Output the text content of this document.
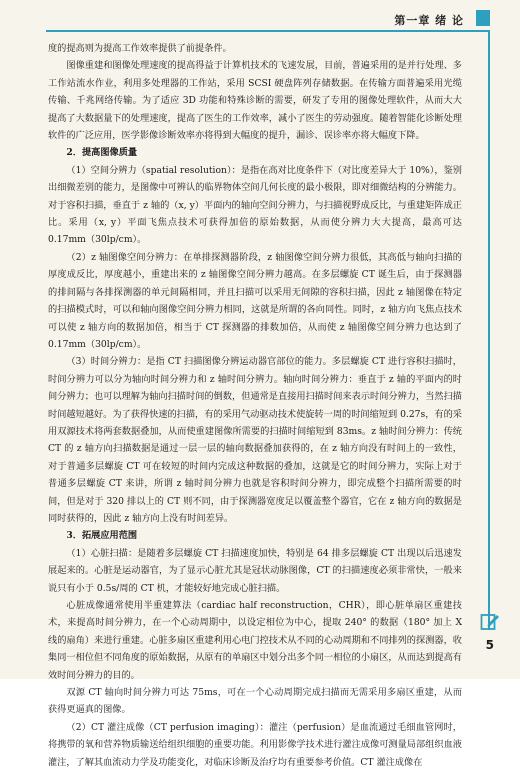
第一章 绪 论

度的提高则为提高工作效率提供了前提条件。

图像重建和图像处理速度的提高得益于计算机技术的飞速发展，目前，普遍采用的是并行处理、多工作站流水作业，利用多处理器的工作站，采用 SCSI 硬盘阵列存储数据。在传输方面普遍采用光缆传输、千兆网络传输。为了适应 3D 功能和特殊诊断的需要，研发了专用的图像处理软件，从而大大提高了大数据量下的处理速度，提高了医生的工作效率，减小了医生的劳动强度。随着智能化诊断处理软件的广泛应用，医学影像诊断效率亦将得到大幅度的提升，漏诊、误诊率亦将大幅度下降。

2．提高图像质量

（1）空间分辨力（spatial resolution）：是指在高对比度条件下（对比度差异大于 10%），鉴别出细微差别的能力，是图像中可辨认的临界物体空间几何长度的最小极限，即对细微结构的分辨能力。对于容积扫描，垂直于 z 轴的（x, y）平面内的轴向空间分辨力，与扫描视野成反比，与重建矩阵成正比。采用（x, y）平面飞焦点技术可获得加倍的原始数据，从而使分辨力大大提高，最高可达 0.17mm（30lp/cm）。

（2）z 轴图像空间分辨力：在单排探测器阶段，z 轴图像空间分辨力很低，其高低与轴向扫描的厚度成反比，厚度越小，重建出来的 z 轴图像空间分辨力越高。在多层螺旋 CT 诞生后，由于探测器的排间隔与各排探测器的单元间隔相同，并且扫描可以采用无间隙的容积扫描，因此 z 轴图像在特定的扫描模式时，可以和轴向图像空间分辨力相同，这就是所谓的各向同性。同时，z 轴方向飞焦点技术可以使 z 轴方向的数据加倍，相当于 CT 探测器的排数加倍，从而使 z 轴图像空间分辨力也达到了 0.17mm（30lp/cm）。

（3）时间分辨力：是指 CT 扫描图像分辨运动器官部位的能力。多层螺旋 CT 进行容积扫描时，时间分辨力可以分为轴向时间分辨力和 z 轴时间分辨力。轴向时间分辨力：垂直于 z 轴的平面内的时间分辨力；也可以理解为轴向扫描时间的倒数，但通常是直接用扫描时间来表示时间分辨力，当然扫描时间越短越好。为了获得快速的扫描，有的采用气动驱动技术使旋转一周的时间缩短到 0.27s，有的采用双源技术将两套数据叠加，从而使重建图像所需要的扫描时间缩短到 83ms。z 轴时间分辨力：传统 CT 的 z 轴方向扫描数据是通过一层一层的轴向数据叠加获得的，在 z 轴方向没有时间上的一致性，对于普通多层螺旋 CT 可在较短的时间内完成这种数据的叠加，这就是它的时间分辨力，实际上对于普通多层螺旋 CT 来讲，所谓 z 轴时间分辨力也就是容积时间分辨力，即完成整个扫描所需要的时间，但是对于 320 排以上的 CT 则不同，由于探测器宽度足以覆盖整个器官，它在 z 轴方向的数据是同时获得的，因此 z 轴方向上没有时间差异。

3．拓展应用范围

（1）心脏扫描：是随着多层螺旋 CT 扫描速度加快，特别是 64 排多层螺旋 CT 出现以后迅速发展起来的。心脏是运动器官，为了显示心脏尤其是冠状动脉图像，CT 的扫描速度必须非常快，一般来说只有小于 0.5s/周的 CT 机，才能较好地完成心脏扫描。

心脏成像通常使用半重建算法（cardiac half reconstruction，CHR），即心脏单扇区重建技术，来提高时间分辨力，在一个心动周期中，以设定相位为中心，提取 240° 的数据（180° 加上 X 线的扇角）来进行重建。心脏多扇区重建利用心电门控技术从不同的心动周期和不同排列的探测器，收集同一相位但不同角度的原始数据，从原有的单扇区中划分出多个同一相位的小扇区，从而达到提高有效时间分辨力的目的。

双源 CT 轴向时间分辨力可达 75ms，可在一个心动周期完成扫描而无需采用多扇区重建，从而获得更逼真的图像。

（2）CT 灌注成像（CT perfusion imaging）：灌注（perfusion）是血流通过毛细血管网时，将携带的氧和营养物质输送给组织细胞的重要功能。利用影像学技术进行灌注成像可测量局部组织血液灌注，了解其血流动力学及功能变化，对临床诊断及治疗均有重要参考价值。CT 灌注成像在

5
